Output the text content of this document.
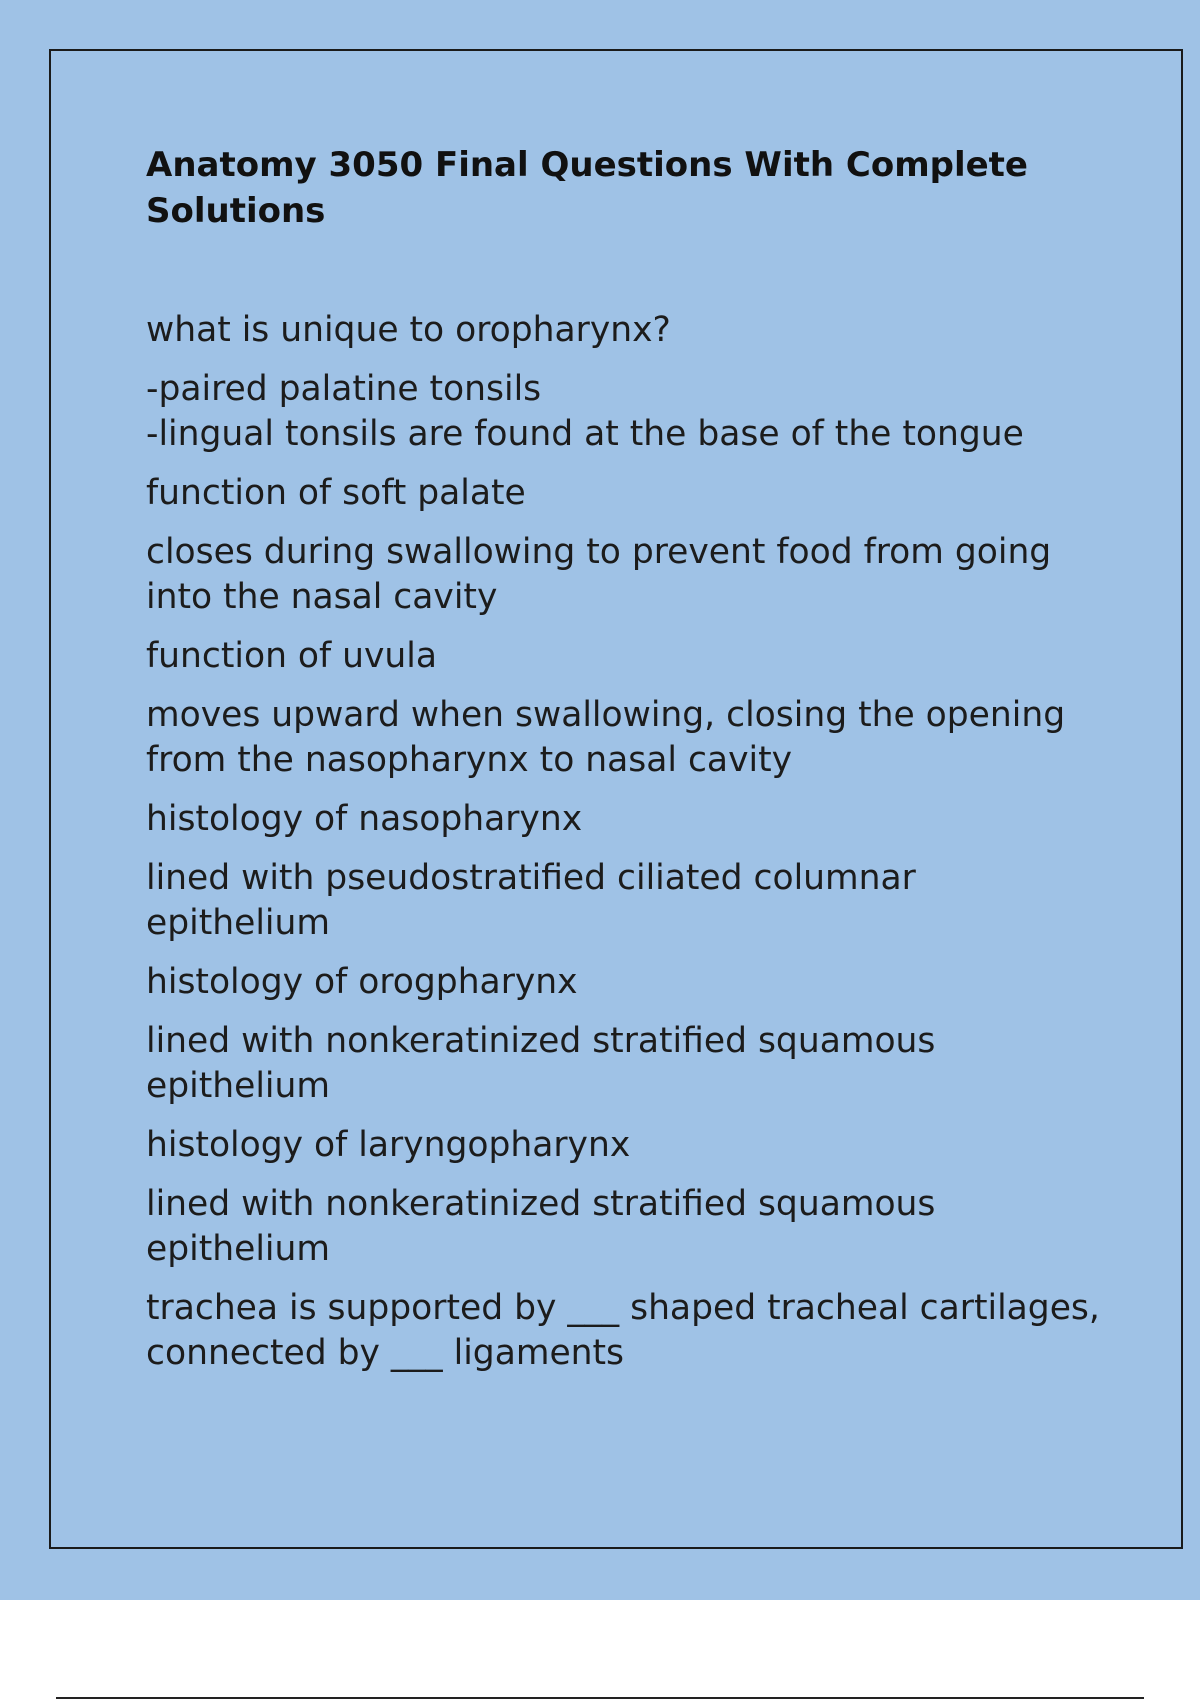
Anatomy 3050 Final Questions With Complete Solutions

what is unique to oropharynx?

-paired palatine tonsils
-lingual tonsils are found at the base of the tongue

function of soft palate

closes during swallowing to prevent food from going into the nasal cavity

function of uvula

moves upward when swallowing, closing the opening from the nasopharynx to nasal cavity

histology of nasopharynx

lined with pseudostratified ciliated columnar epithelium

histology of orogpharynx

lined with nonkeratinized stratified squamous epithelium

histology of laryngopharynx

lined with nonkeratinized stratified squamous epithelium

trachea is supported by ___ shaped tracheal cartilages, connected by ___ ligaments
